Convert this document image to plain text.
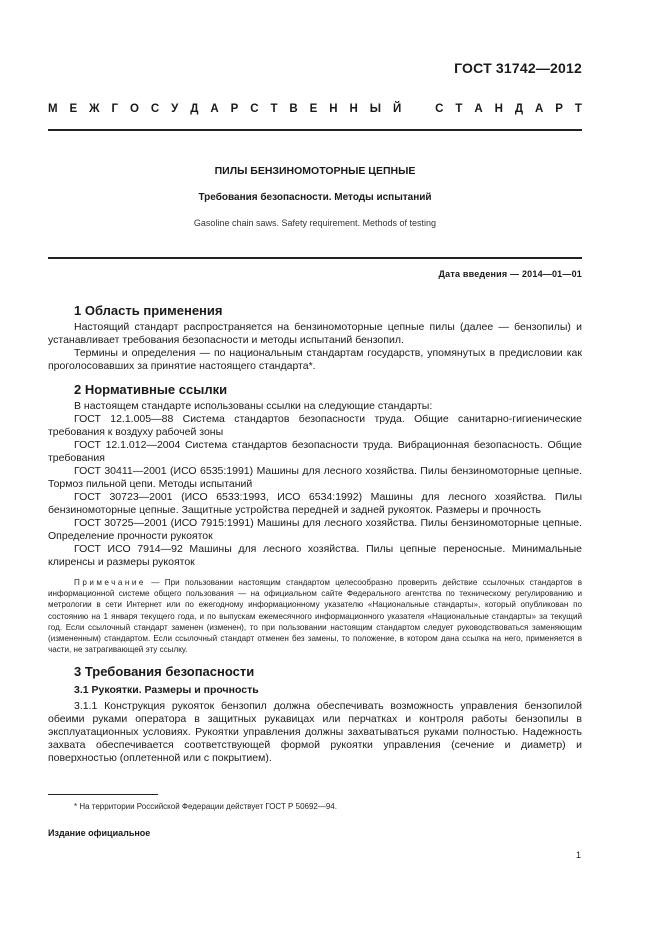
ГОСТ 31742—2012
М Е Ж Г О С У Д А Р С Т В Е Н Н Ы Й	С Т А Н Д А Р Т
ПИЛЫ БЕНЗИНОМОТОРНЫЕ ЦЕПНЫЕ
Требования безопасности. Методы испытаний
Gasoline chain saws. Safety requirement. Methods of testing
Дата введения — 2014—01—01
1 Область применения

Настоящий стандарт распространяется на бензиномоторные цепные пилы (далее — бензопилы) и устанавливает требования безопасности и методы испытаний бензопил.

Термины и определения — по национальным стандартам государств, упомянутых в предисловии как проголосовавших за принятие настоящего стандарта*.

2 Нормативные ссылки

В настоящем стандарте использованы ссылки на следующие стандарты:

ГОСТ 12.1.005—88 Система стандартов безопасности труда. Общие санитарно-гигиенические требования к воздуху рабочей зоны

ГОСТ 12.1.012—2004 Система стандартов безопасности труда. Вибрационная безопасность. Общие требования

ГОСТ 30411—2001 (ИСО 6535:1991) Машины для лесного хозяйства. Пилы бензиномоторные цепные. Тормоз пильной цепи. Методы испытаний

ГОСТ 30723—2001 (ИСО 6533:1993, ИСО 6534:1992) Машины для лесного хозяйства. Пилы бензиномоторные цепные. Защитные устройства передней и задней рукояток. Размеры и прочность

ГОСТ 30725—2001 (ИСО 7915:1991) Машины для лесного хозяйства. Пилы бензиномоторные цепные. Определение прочности рукояток

ГОСТ ИСО 7914—92 Машины для лесного хозяйства. Пилы цепные переносные. Минимальные клиренсы и размеры рукояток

Примечание — При пользовании настоящим стандартом целесообразно проверить действие ссылочных стандартов в информационной системе общего пользования — на официальном сайте Федерального агентства по техническому регулированию и метрологии в сети Интернет или по ежегодному информационному указателю «Национальные стандарты», который опубликован по состоянию на 1 января текущего года, и по выпускам ежемесячного информационного указателя «Национальные стандарты» за текущий год. Если ссылочный стандарт заменен (изменен), то при пользовании настоящим стандартом следует руководствоваться заменяющим (измененным) стандартом. Если ссылочный стандарт отменен без замены, то положение, в котором дана ссылка на него, применяется в части, не затрагивающей эту ссылку.

3 Требования безопасности
3.1 Рукоятки. Размеры и прочность

3.1.1 Конструкция рукояток бензопил должна обеспечивать возможность управления бензопилой обеими руками оператора в защитных рукавицах или перчатках и контроля работы бензопилы в эксплуатационных условиях. Рукоятки управления должны захватываться руками полностью. Надежность захвата обеспечивается соответствующей формой рукоятки управления (сечение и диаметр) и поверхностью (оплетенной или с покрытием).

* На территории Российской Федерации действует ГОСТ Р 50692—94.
Издание официальное
1
